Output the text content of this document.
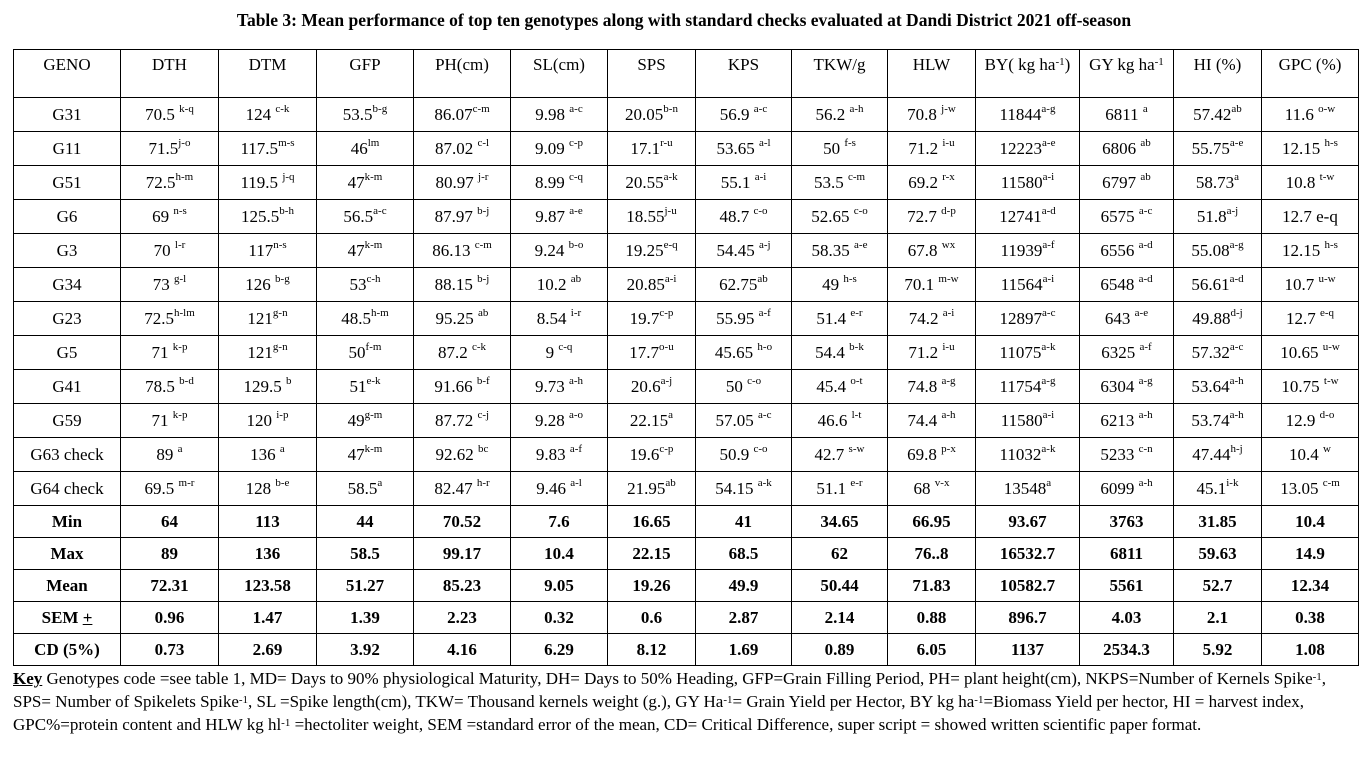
Table 3: Mean performance of top ten genotypes along with standard checks evaluated at Dandi District 2021 off-season
GENO	DTH	DTM	GFP	PH(cm)	SL(cm)	SPS	KPS	TKW/g	HLW	BY( kg $ha^{-1}$)	GY kg $ha^{-1}$	HI (%)	GPC (%)
G31	70.5 $^{k-q}$	124 $^{c-k}$	53.5$^{b-g}$	86.07$^{c-m}$	9.98 $^{a-c}$	20.05$^{b-n}$	56.9 $^{a-c}$	56.2 $^{a-h}$	70.8 $^{j-w}$	11844$^{a-g}$	6811 $^a$	57.42$^{ab}$	11.6 $^{o-w}$
G11	71.5$^{j-o}$	117.5$^{m-s}$	$46^{lm}$	87.02 $^{c-l}$	9.09 $^{c-p}$	17.1$^{r-u}$	53.65 $^{a-l}$	50 $^{f-s}$	71.2 $^{i-u}$	12223$^{a-e}$	6806 $^{ab}$	55.75$^{a-e}$	12.15 $^{h-s}$
G51	72.5$^{h-m}$	119.5 $^{j-q}$	47$^{k-m}$	80.97 $^{j-r}$	8.99 $^{c-q}$	20.55$^{a-k}$	55.1 $^{a-i}$	53.5 $^{c-m}$	69.2 $^{r-x}$	11580$^{a-i}$	6797 $^{ab}$	58.73$^a$	10.8 $^{t-w}$
G6	69 $^{n-s}$	125.5$^{b-h}$	56.5$^{a-c}$	87.97 $^{b-j}$	9.87 $^{a-e}$	18.55$^{j-u}$	48.7 $^{c-o}$	52.65 $^{c-o}$	72.7 $^{d-p}$	12741$^{a-d}$	6575 $^{a-c}$	51.8$^{a-j}$	12.7 e-q
G3	70 $^{l-r}$	117$^{n-s}$	47$^{k-m}$	86.13 $^{c-m}$	9.24 $^{b-o}$	19.25$^{e-q}$	54.45 $^{a-j}$	58.35 $^{a-e}$	67.8 $^{wx}$	11939$^{a-f}$	6556 $^{a-d}$	55.08$^{a-g}$	12.15 $^{h-s}$
G34	73 $^{g-l}$	126 $^{b-g}$	53$^{c-h}$	88.15 $^{b-j}$	10.2 $^{ab}$	20.85$^{a-i}$	62.75$^{ab}$	49 $^{h-s}$	70.1 $^{m-w}$	11564$^{a-i}$	6548 $^{a-d}$	56.61$^{a-d}$	10.7 $^{u-w}$
G23	$72.5^{h-lm}$	121$^{g-n}$	48.5$^{h-m}$	95.25 $^{ab}$	8.54 $^{i-r}$	19.7$^{c-p}$	55.95 $^{a-f}$	51.4 $^{e-r}$	74.2 $^{a-i}$	12897$^{a-c}$	643 $^{a-e}$	49.88$^{d-j}$	12.7 $^{e-q}$
G5	71 $^{k-p}$	121$^{g-n}$	50$^{f-m}$	87.2 $^{c-k}$	9 $^{c-q}$	17.7$^{o-u}$	45.65 $^{h-o}$	54.4 $^{b-k}$	71.2 $^{i-u}$	11075$^{a-k}$	6325 $^{a-f}$	57.32$^{a-c}$	10.65 $^{u-w}$
G41	78.5 $^{b-d}$	129.5 $^b$	51$^{e-k}$	91.66 $^{b-f}$	9.73 $^{a-h}$	20.6$^{a-j}$	50 $^{c-o}$	45.4 $^{o-t}$	74.8 $^{a-g}$	11754$^{a-g}$	6304 $^{a-g}$	53.64$^{a-h}$	10.75 $^{t-w}$
G59	71 $^{k-p}$	120 $^{i-p}$	49$^{g-m}$	87.72 $^{c-j}$	9.28 $^{a-o}$	22.15$^a$	57.05 $^{a-c}$	46.6 $^{l-t}$	74.4 $^{a-h}$	11580$^{a-i}$	6213 $^{a-h}$	53.74$^{a-h}$	12.9 $^{d-o}$
G63 check	89 $^a$	136 $^a$	47$^{k-m}$	92.62 $^{bc}$	9.83 $^{a-f}$	19.6$^{c-p}$	50.9 $^{c-o}$	42.7 $^{s-w}$	69.8 $^{p-x}$	11032$^{a-k}$	5233 $^{c-n}$	47.44$^{h-j}$	10.4 $^w$
G64 check	69.5 $^{m-r}$	128 $^{b-e}$	58.5$^a$	82.47 $^{h-r}$	9.46 $^{a-l}$	21.95$^{ab}$	54.15 $^{a-k}$	51.1 $^{e-r}$	68 $^{v-x}$	13548$^a$	6099 $^{a-h}$	45.1$^{i-k}$	13.05 $^{c-m}$
Min	64	113	44	70.52	7.6	16.65	41	34.65	66.95	93.67	3763	31.85	10.4
Max	89	136	58.5	99.17	10.4	22.15	68.5	62	76..8	16532.7	6811	59.63	14.9
Mean	72.31	123.58	51.27	85.23	9.05	19.26	49.9	50.44	71.83	10582.7	5561	52.7	12.34
SEM +	0.96	1.47	1.39	2.23	0.32	0.6	2.87	2.14	0.88	896.7	4.03	2.1	0.38
CD (5%)	0.73	2.69	3.92	4.16	6.29	8.12	1.69	0.89	6.05	1137	2534.3	5.92	1.08
Key Genotypes code =see table 1, MD= Days to 90% physiological Maturity, DH= Days to 50% Heading, GFP=Grain Filling Period, PH= plant height(cm), NKPS=Number of Kernels Spike$^{-1}$, SPS= Number of Spikelets Spike$^{-1}$, SL =Spike length(cm), TKW= Thousand kernels weight (g.), GY $Ha^{-1}=$ Grain Yield per Hector, BY kg $ha^{-1}=Biomass$ Yield per hector, HI = harvest index, GPC%=protein content and HLW kg $hl^{-1}$ =hectoliter weight, SEM =standard error of the mean, CD= Critical Difference, super script = showed written scientific paper format.
